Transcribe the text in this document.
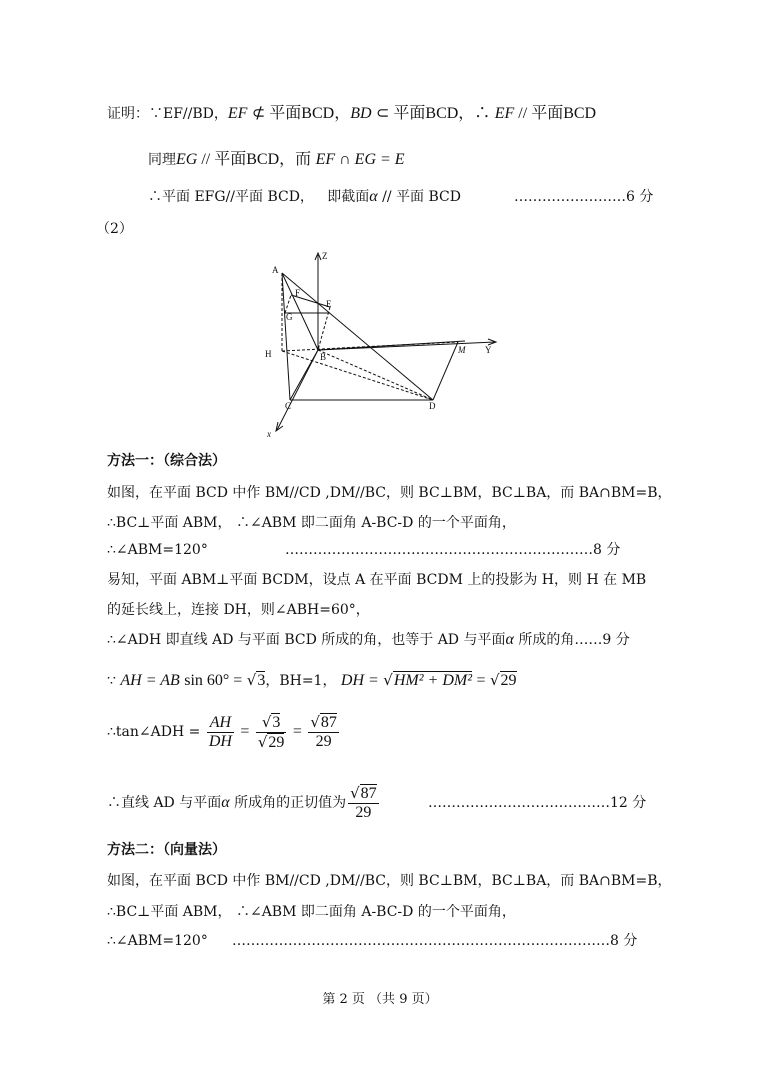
证明：∵EF//BD，EF ⊄ 平面BCD，BD ⊂ 平面BCD，∴ EF // 平面BCD
同理EG // 平面BCD，而 EF ∩ EG = E
∴平面 EFG//平面 BCD， 即截面α // 平面 BCD	……………………6 分
（2）
A
F
E
G
H	B
C	D
M Y
Z
x
方法一：（综合法）
如图，在平面 BCD 中作 BM//CD ,DM//BC，则 BC⊥BM，BC⊥BA，而 BA∩BM=B，
∴BC⊥平面 ABM， ∴∠ABM 即二面角 A-BC-D 的一个平面角，
∴∠ABM=120°	…………………………………………………………8 分
易知，平面 ABM⊥平面 BCDM，设点 A 在平面 BCDM 上的投影为 H，则 H 在 MB
的延长线上，连接 DH，则∠ABH=60°，
∴∠ADH 即直线 AD 与平面 BCD 所成的角，也等于 AD 与平面α 所成的角……9 分
∵ AH = AB sin 60° = √3，BH=1， DH = √HM² + DM² = √29
∴tan∠ADH = $\frac{AH}{DH} = \frac{√3}{√29} = \frac{√87}{29}$
∴直线 AD 与平面α 所成角的正切值为 $\frac{√87}{29}$	…………………………………12 分
方法二：（向量法）
如图，在平面 BCD 中作 BM//CD ,DM//BC，则 BC⊥BM，BC⊥BA，而 BA∩BM=B，
∴BC⊥平面 ABM， ∴∠ABM 即二面角 A-BC-D 的一个平面角，
∴∠ABM=120° ………………………………………………………………………8 分
第 2 页 （共 9 页）
